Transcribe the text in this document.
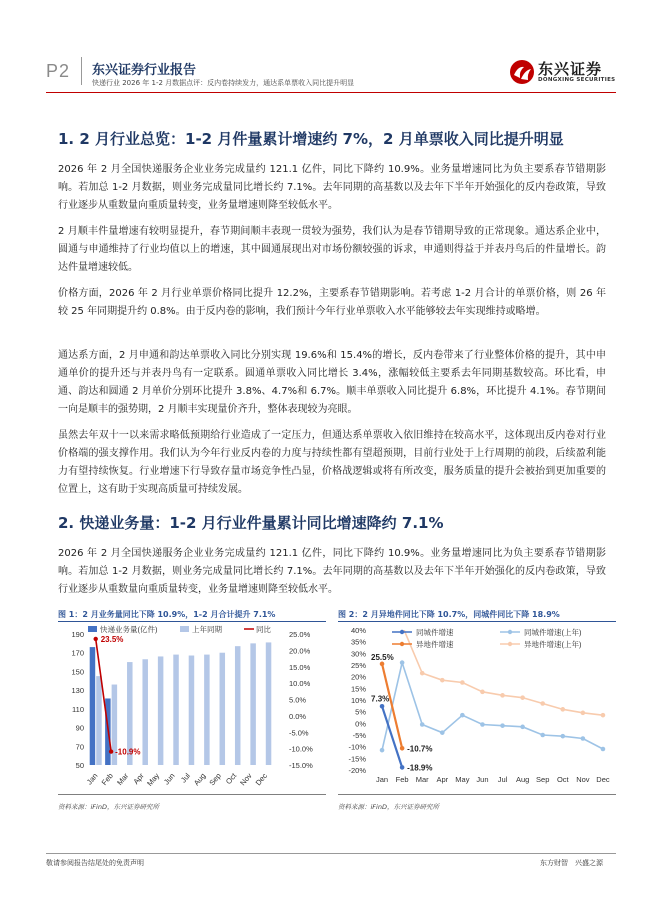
P2 东兴证券行业报告
快递行业 2026 年 1-2 月数据点评：反内卷持续发力，通达系单票收入同比提升明显
东兴证券
DONGXING SECURITIES
1. 2 月行业总览：1-2 月件量累计增速约 7%，2 月单票收入同比提升明显

2026 年 2 月全国快递服务企业业务完成量约 121.1 亿件，同比下降约 10.9%。业务量增速同比为负主要系春节错期影响。若加总 1-2 月数据，则业务完成量同比增长约 7.1%。去年同期的高基数以及去年下半年开始强化的反内卷政策，导致行业逐步从重数量向重质量转变，业务量增速则降至较低水平。

2 月顺丰件量增速有较明显提升，春节期间顺丰表现一贯较为强势，我们认为是春节错期导致的正常现象。通达系企业中，圆通与申通维持了行业均值以上的增速，其中圆通展现出对市场份额较强的诉求，申通则得益于并表丹鸟后的件量增长。韵达件量增速较低。

价格方面，2026 年 2 月行业单票价格同比提升 12.2%，主要系春节错期影响。若考虑 1-2 月合计的单票价格，则 26 年较 25 年同期提升约 0.8%。由于反内卷的影响，我们预计今年行业单票收入水平能够较去年实现维持或略增。

通达系方面，2 月申通和韵达单票收入同比分别实现 19.6%和 15.4%的增长，反内卷带来了行业整体价格的提升，其中申通单价的提升还与并表丹鸟有一定联系。圆通单票收入同比增长 3.4%，涨幅较低主要系去年同期基数较高。环比看，申通、韵达和圆通 2 月单价分别环比提升 3.8%、4.7%和 6.7%。顺丰单票收入同比提升 6.8%，环比提升 4.1%。春节期间一向是顺丰的强势期，2 月顺丰实现量价齐升，整体表现较为亮眼。

虽然去年双十一以来需求略低预期给行业造成了一定压力，但通达系单票收入依旧维持在较高水平，这体现出反内卷对行业价格端的强支撑作用。我们认为今年行业反内卷的力度与持续性都有望超预期，目前行业处于上行周期的前段，后续盈利能力有望持续恢复。行业增速下行导致存量市场竞争性凸显，价格战逻辑或将有所改变，服务质量的提升会被抬到更加重要的位置上，这有助于实现高质量可持续发展。

2. 快递业务量：1-2 月行业件量累计同比增速降约 7.1%

2026 年 2 月全国快递服务企业业务完成量约 121.1 亿件，同比下降约 10.9%。业务量增速同比为负主要系春节错期影响。若加总 1-2 月数据，则业务完成量同比增长约 7.1%。去年同期的高基数以及去年下半年开始强化的反内卷政策，导致行业逐步从重数量向重质量转变，业务量增速则降至较低水平。

图 1：2 月业务量同比下降 10.9%，1-2 月合计提升 7.1%
快递业务量(亿件)	上年同期	同比
50
70
90
110
130
150
170
190	25.0%
20.0%
15.0%
10.0%
5.0%
0.0%
-5.0%
-10.0%
-15.0%
Jan Feb Mar Apr May Jun Jul Aug Sep Oct Nov Dec
23.5%
-10.9%
资料来源：iFinD，东兴证券研究所
图 2：2 月异地件同比下降 10.7%，同城件同比下降 18.9%
40%
35%
30%
25%
20%
15%
10%
5%
0%
-5%
-10%
-15%
-20%
Jan Feb Mar Apr May Jun Jul Aug Sep Oct Nov Dec
同城件增速
异地件增速
同城件增速(上年)
异地件增速(上年)
25.5%
7.3%
-10.7%
-18.9%
资料来源：iFinD，东兴证券研究所
敬请参阅报告结尾处的免责声明	东方财智　兴盛之源
